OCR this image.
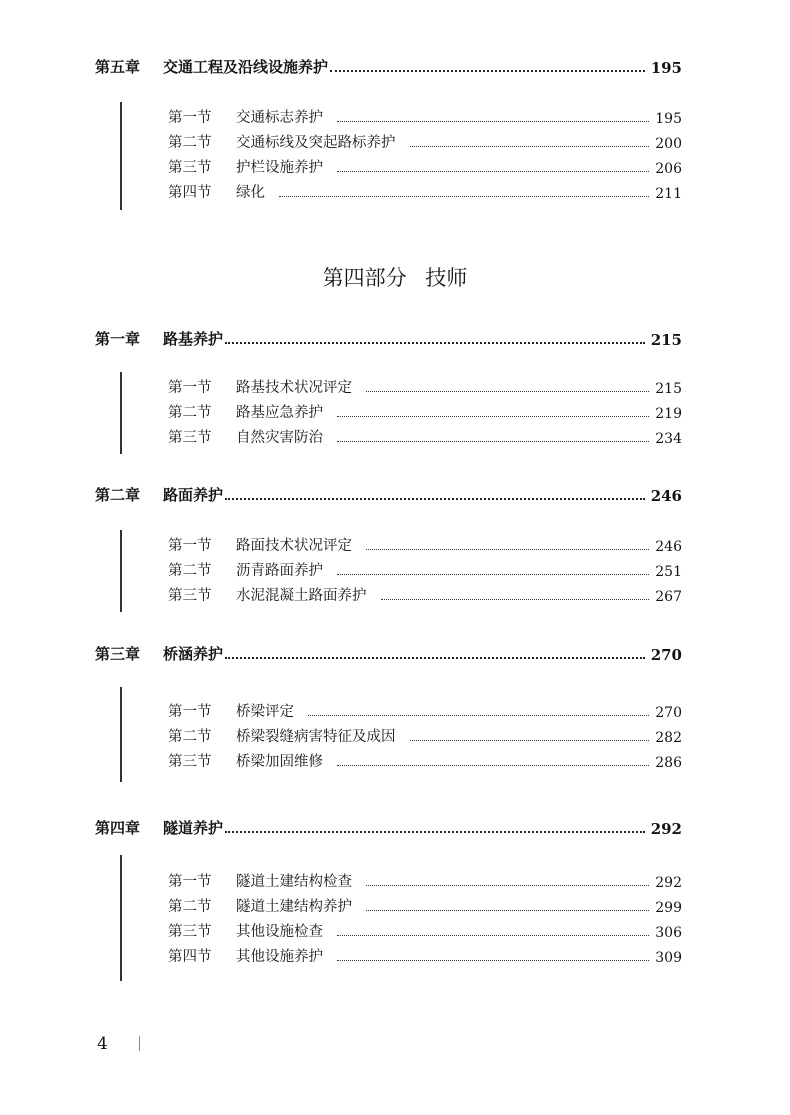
第五章	交通工程及沿线设施养护	195
第一节	交通标志养护	195
第二节	交通标线及突起路标养护	200
第三节	护栏设施养护	206
第四节	绿化	211
第四部分 技师
第一章	路基养护	215
第一节	路基技术状况评定	215
第二节	路基应急养护	219
第三节	自然灾害防治	234
第二章	路面养护	246
第一节	路面技术状况评定	246
第二节	沥青路面养护	251
第三节	水泥混凝土路面养护	267
第三章	桥涵养护	270
第一节	桥梁评定	270
第二节	桥梁裂缝病害特征及成因	282
第三节	桥梁加固维修	286
第四章	隧道养护	292
第一节	隧道土建结构检查	292
第二节	隧道土建结构养护	299
第三节	其他设施检查	306
第四节	其他设施养护	309
4
